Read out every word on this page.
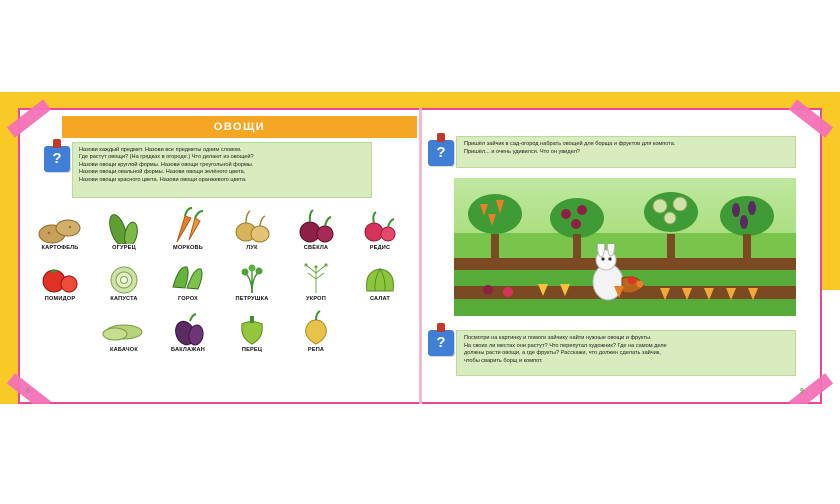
ОВОЩИ
?	Назови каждый предмет. Назови все предметы одним словом.

Где растут овощи? (На грядках в огороде.) Что делают из овощей?

Назови овощи круглой формы. Назови овощи треугольной формы.

Назови овощи овальной формы. Назови овощи зелёного цвета.

Назови овощи красного цвета. Назови овощи оранжевого цвета.

КАРТОФЕЛЬ	ОГУРЕЦ	МОРКОВЬ	ЛУК	СВЁКЛА	РЕДИС
ПОМИДОР	КАПУСТА	ГОРОХ	ПЕТРУШКА	УКРОП	САЛАТ
КАБАЧОК	БАКЛАЖАН	ПЕРЕЦ	РЕПА
8
?	Пришёл зайчик в сад-огород набрать овощей для борща и фруктов для компота.

Пришёл... и очень удивился. Что он увидел?

?	Посмотри на картинку и помоги зайчику найти нужные овощи и фрукты.

На своих ли местах они растут? Что перепутал художник? Где на самом деле

должны расти овощи, а где фрукты? Расскажи, что должен сделать зайчик,

чтобы сварить борщ и компот.

9
